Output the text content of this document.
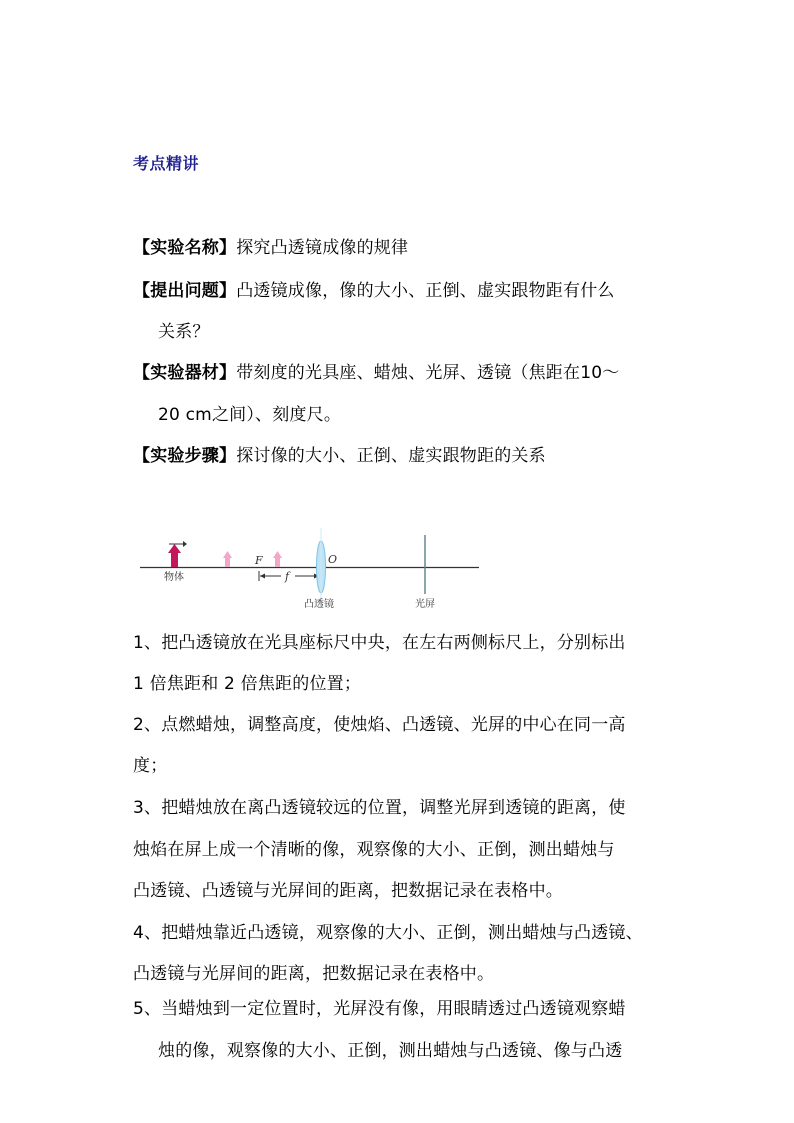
考点精讲
【实验名称】探究凸透镜成像的规律
【提出问题】凸透镜成像，像的大小、正倒、虚实跟物距有什么
关系？
【实验器材】带刻度的光具座、蜡烛、光屏、透镜（焦距在10～
20 cm之间）、刻度尺。
【实验步骤】探讨像的大小、正倒、虚实跟物距的关系
物体
F
f
O
凸透镜	光屏
1、把凸透镜放在光具座标尺中央，在左右两侧标尺上，分别标出
1 倍焦距和 2 倍焦距的位置；
2、点燃蜡烛，调整高度，使烛焰、凸透镜、光屏的中心在同一高
度；
3、把蜡烛放在离凸透镜较远的位置，调整光屏到透镜的距离，使
烛焰在屏上成一个清晰的像，观察像的大小、正倒，测出蜡烛与
凸透镜、凸透镜与光屏间的距离，把数据记录在表格中。
4、把蜡烛靠近凸透镜，观察像的大小、正倒，测出蜡烛与凸透镜、
凸透镜与光屏间的距离，把数据记录在表格中。
5、当蜡烛到一定位置时，光屏没有像，用眼睛透过凸透镜观察蜡
烛的像，观察像的大小、正倒，测出蜡烛与凸透镜、像与凸透
